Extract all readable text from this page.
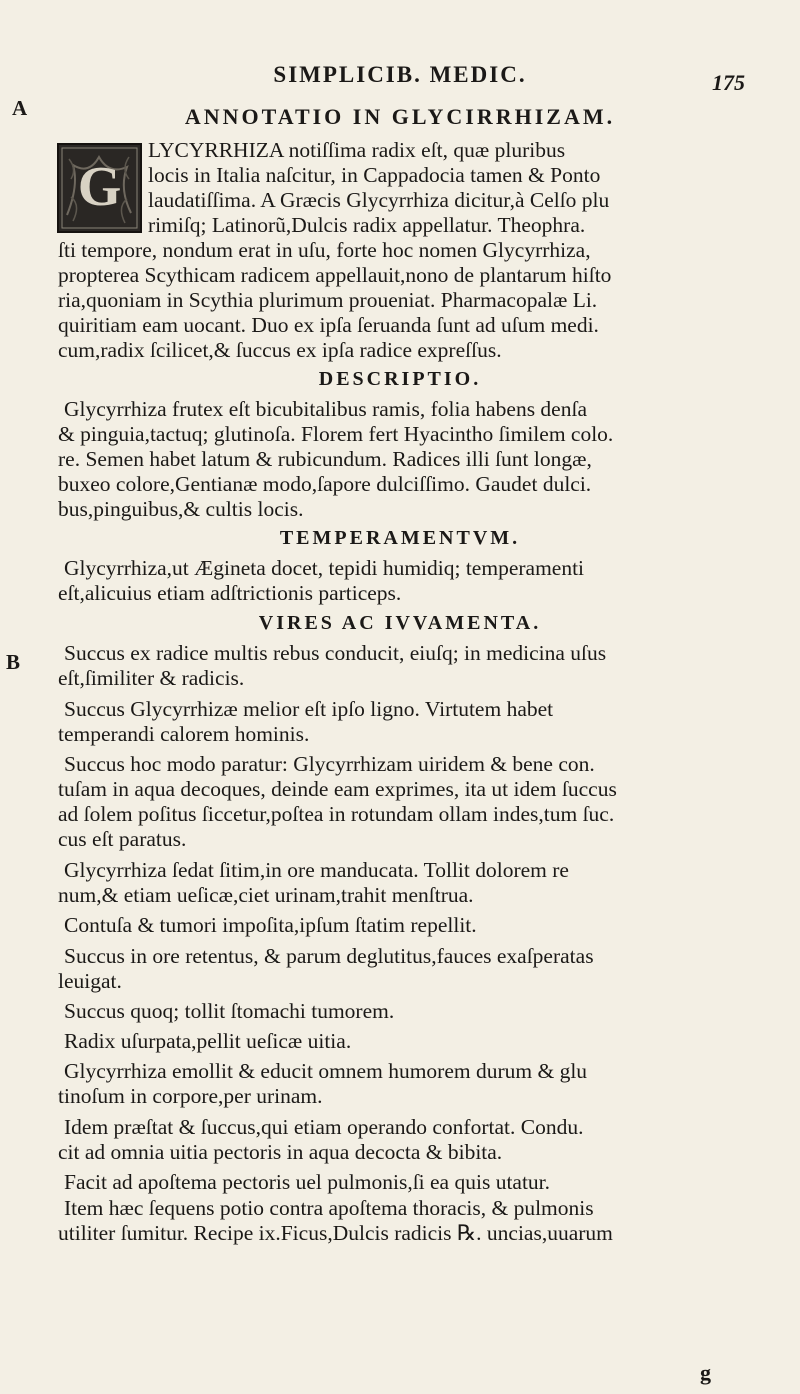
SIMPLICIB. MEDIC.	175
A
B
ANNOTATIO IN GLYCIRRHIZAM.
G
LYCYRRHIZA notiſſima radix eſt, quæ pluribus
locis in Italia naſcitur, in Cappadocia tamen & Ponto
laudatiſſima. A Græcis Glycyrrhiza dicitur,à Celſo plu
rimiſq; Latinorũ,Dulcis radix appellatur. Theophra.
ſti tempore, nondum erat in uſu, forte hoc nomen Glycyrrhiza,
propterea Scythicam radicem appellauit,nono de plantarum hiſto
ria,quoniam in Scythia plurimum proueniat. Pharmacopalæ Li.
quiritiam eam uocant. Duo ex ipſa ſeruanda ſunt ad uſum medi.
cum,radix ſcilicet,& ſuccus ex ipſa radice expreſſus.
DESCRIPTIO.
Glycyrrhiza frutex eſt bicubitalibus ramis, folia habens denſa
& pinguia,tactuq; glutinoſa. Florem fert Hyacintho ſimilem colo.
re. Semen habet latum & rubicundum. Radices illi ſunt longæ,
buxeo colore,Gentianæ modo,ſapore dulciſſimo. Gaudet dulci.
bus,pinguibus,& cultis locis.
TEMPERAMENTVM.
Glycyrrhiza,ut Ægineta docet, tepidi humidiq; temperamenti
eſt,alicuius etiam adſtrictionis particeps.
VIRES AC IVVAMENTA.
Succus ex radice multis rebus conducit, eiuſq; in medicina uſus
eſt,ſimiliter & radicis.
Succus Glycyrrhizæ melior eſt ipſo ligno. Virtutem habet
temperandi calorem hominis.
Succus hoc modo paratur: Glycyrrhizam uiridem & bene con.
tuſam in aqua decoques, deinde eam exprimes, ita ut idem ſuccus
ad ſolem poſitus ſiccetur,poſtea in rotundam ollam indes,tum ſuc.
cus eſt paratus.
Glycyrrhiza ſedat ſitim,in ore manducata. Tollit dolorem re
num,& etiam ueſicæ,ciet urinam,trahit menſtrua.
Contuſa & tumori impoſita,ipſum ſtatim repellit.
Succus in ore retentus, & parum deglutitus,fauces exaſperatas
leuigat.
Succus quoq; tollit ſtomachi tumorem.
Radix uſurpata,pellit ueſicæ uitia.
Glycyrrhiza emollit & educit omnem humorem durum & glu
tinoſum in corpore,per urinam.
Idem præſtat & ſuccus,qui etiam operando confortat. Condu.
cit ad omnia uitia pectoris in aqua decocta & bibita.
Facit ad apoſtema pectoris uel pulmonis,ſi ea quis utatur.
Item hæc ſequens potio contra apoſtema thoracis, & pulmonis
utiliter ſumitur. Recipe ix.Ficus,Dulcis radicis ℞. uncias,uuarum
g
